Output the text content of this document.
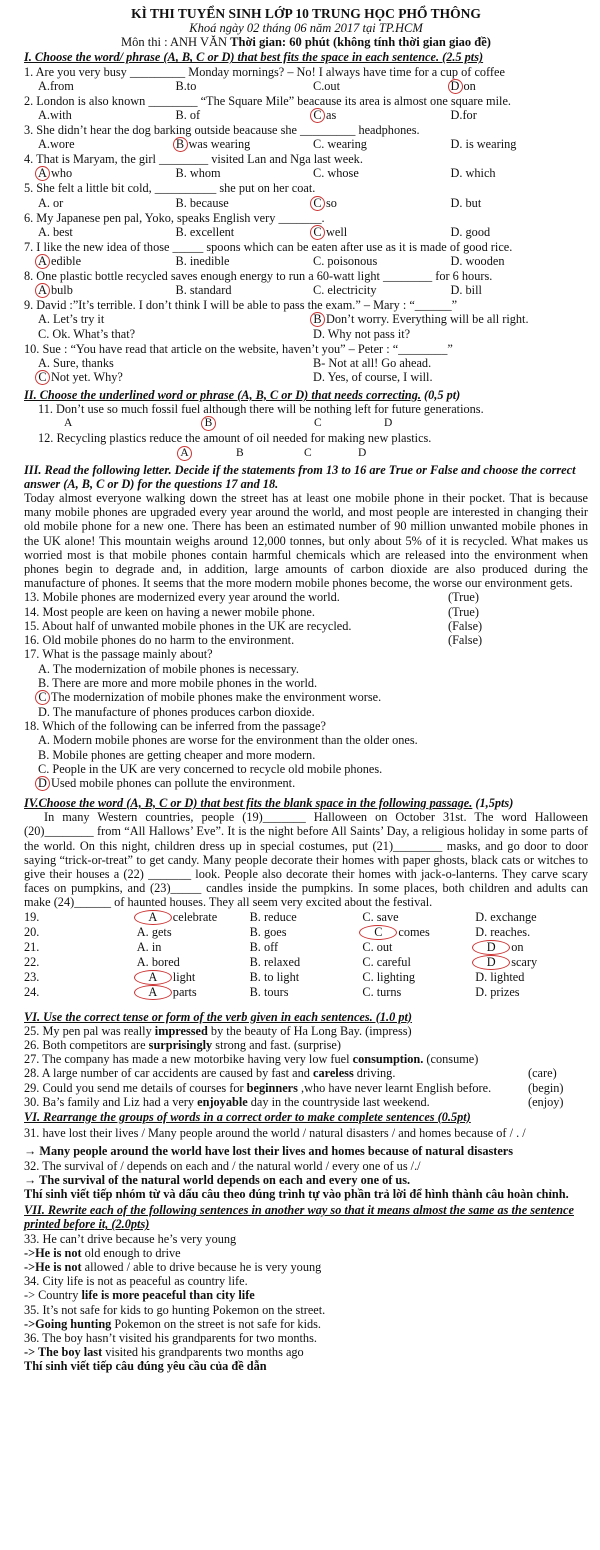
KÌ THI TUYỂN SINH LỚP 10 TRUNG HỌC PHỔ THÔNG
Khoá ngày 02 tháng 06 năm 2017 tại TP.HCM
Môn thi : ANH VĂN Thời gian: 60 phút (không tính thời gian giao đề)
I. Choose the word/ phrase (A, B, C or D) that best fits the space in each sentence. (2.5 pts)
1. Are you very busy _________ Monday mornings? – No! I always have time for a cup of coffee
A.from	B.to	C.out	D on
2. London is also known ________ “The Square Mile” beacause its area is almost one square mile.
A.with	B. of	C as	D.for
3. She didn’t hear the dog barking outside beacause she _________ headphones.
A.wore	B was wearing	C. wearing	D. is wearing
4. That is Maryam, the girl ________ visited Lan and Nga last week.
A who	B. whom	C. whose	D. which
5. She felt a little bit cold, __________ she put on her coat.
A. or	B. because	C so	D. but
6. My Japanese pen pal, Yoko, speaks English very _______.
A. best	B. excellent	C well	D. good
7. I like the new idea of those _____ spoons which can be eaten after use as it is made of good rice.
A edible	B. inedible	C. poisonous	D. wooden
8. One plastic bottle recycled saves enough energy to run a 60-watt light ________ for 6 hours.
A bulb	B. standard	C. electricity	D. bill
9. David :”It’s terrible. I don’t think I will be able to pass the exam.” – Mary : “______”
A. Let’s try it	B Don’t worry. Everything will be all right.
C. Ok. What’s that?	D. Why not pass it?
10. Sue : “You have read that article on the website, haven’t you” – Peter : “________”
A. Sure, thanks	B- Not at all! Go ahead.
C Not yet. Why?	D. Yes, of course, I will.
II. Choose the underlined word or phrase (A, B, C or D) that needs correcting. (0,5 pt)
11. Don’t use so much fossil fuel although there will be nothing left for future generations.
A	B	C	D
12. Recycling plastics reduce the amount of oil needed for making new plastics.
A	B	C	D
III. Read the following letter. Decide if the statements from 13 to 16 are True or False and choose the correct answer (A, B, C or D) for the questions 17 and 18.
Today almost everyone walking down the street has at least one mobile phone in their pocket. That is because many mobile phones are upgraded every year around the world, and most people are interested in changing their old mobile phone for a new one. There has been an estimated number of 90 million unwanted mobile phones in the UK alone! This mountain weighs around 12,000 tonnes, but only about 5% of it is recycled. What makes us worried most is that mobile phones contain harmful chemicals which are released into the environment when phones begin to degrade and, in addition, large amounts of carbon dioxide are also produced during the manufacture of phones. It seems that the more modern mobile phones become, the worse our environment gets.
13. Mobile phones are modernized every year around the world.	(True)
14. Most people are keen on having a newer mobile phone.	(True)
15. About half of unwanted mobile phones in the UK are recycled.	(False)
16. Old mobile phones do no harm to the environment.	(False)
17. What is the passage mainly about?
A. The modernization of mobile phones is necessary.
B. There are more and more mobile phones in the world.
C The modernization of mobile phones make the environment worse.
D. The manufacture of phones produces carbon dioxide.
18. Which of the following can be inferred from the passage?
A. Modern mobile phones are worse for the environment than the older ones.
B. Mobile phones are getting cheaper and more modern.
C. People in the UK are very concerned to recycle old mobile phones.
D Used mobile phones can pollute the environment.
IV.Choose the word (A, B, C or D) that best fits the blank space in the following passage. (1,5pts)
In many Western countries, people (19)_______ Halloween on October 31st. The word Halloween (20)________ from “All Hallows’ Eve”. It is the night before All Saints’ Day, a religious holiday in some parts of the world. On this night, children dress up in special costumes, put (21)________ masks, and go door to door saying “trick-or-treat” to get candy. Many people decorate their homes with paper ghosts, black cats or witches to give their houses a (22) _______ look. People also decorate their homes with jack-o-lanterns. They carve scary faces on pumpkins, and (23)_____ candles inside the pumpkins. In some places, both children and adults can make (24)______ of haunted houses. They all seem very excited about the festival.
19.	A celebrate	B. reduce	C. save	D. exchange
20.	A. gets	B. goes	C comes	D. reaches.
21.	A. in	B. off	C. out	D on
22.	A. bored	B. relaxed	C. careful	D scary
23.	A light	B. to light	C. lighting	D. lighted
24.	A parts	B. tours	C. turns	D. prizes
VI. Use the correct tense or form of the verb given in each sentences. (1.0 pt)
25. My pen pal was really impressed by the beauty of Ha Long Bay. (impress)
26. Both competitors are surprisingly strong and fast. (surprise)
27. The company has made a new motorbike having very low fuel consumption. (consume)
28. A large number of car accidents are caused by fast and careless driving.	(care)
29. Could you send me details of courses for beginners ,who have never learnt English before.	(begin)
30. Ba’s family and Liz had a very enjoyable day in the countryside last weekend.	(enjoy)
VI. Rearrange the groups of words in a correct order to make complete sentences (0.5pt)
31. have lost their lives / Many people around the world / natural disasters / and homes because of / . /
→ Many people around the world have lost their lives and homes because of natural disasters
32. The survival of / depends on each and / the natural world / every one of us /./
→ The survival of the natural world depends on each and every one of us.
Thí sinh viết tiếp nhóm từ và dấu câu theo đúng trình tự vào phần trả lời để hình thành câu hoàn chỉnh.
VII. Rewrite each of the following sentences in another way so that it means almost the same as the sentence printed before it, (2.0pts)
33. He can’t drive because he’s very young
->He is not old enough to drive
->He is not allowed / able to drive because he is very young
34. City life is not as peaceful as country life.
-> Country life is more peaceful than city life
35. It’s not safe for kids to go hunting Pokemon on the street.
->Going hunting Pokemon on the street is not safe for kids.
36. The boy hasn’t visited his grandparents for two months.
-> The boy last visited his grandparents two months ago
Thí sinh viết tiếp câu đúng yêu cầu của đề dẫn
